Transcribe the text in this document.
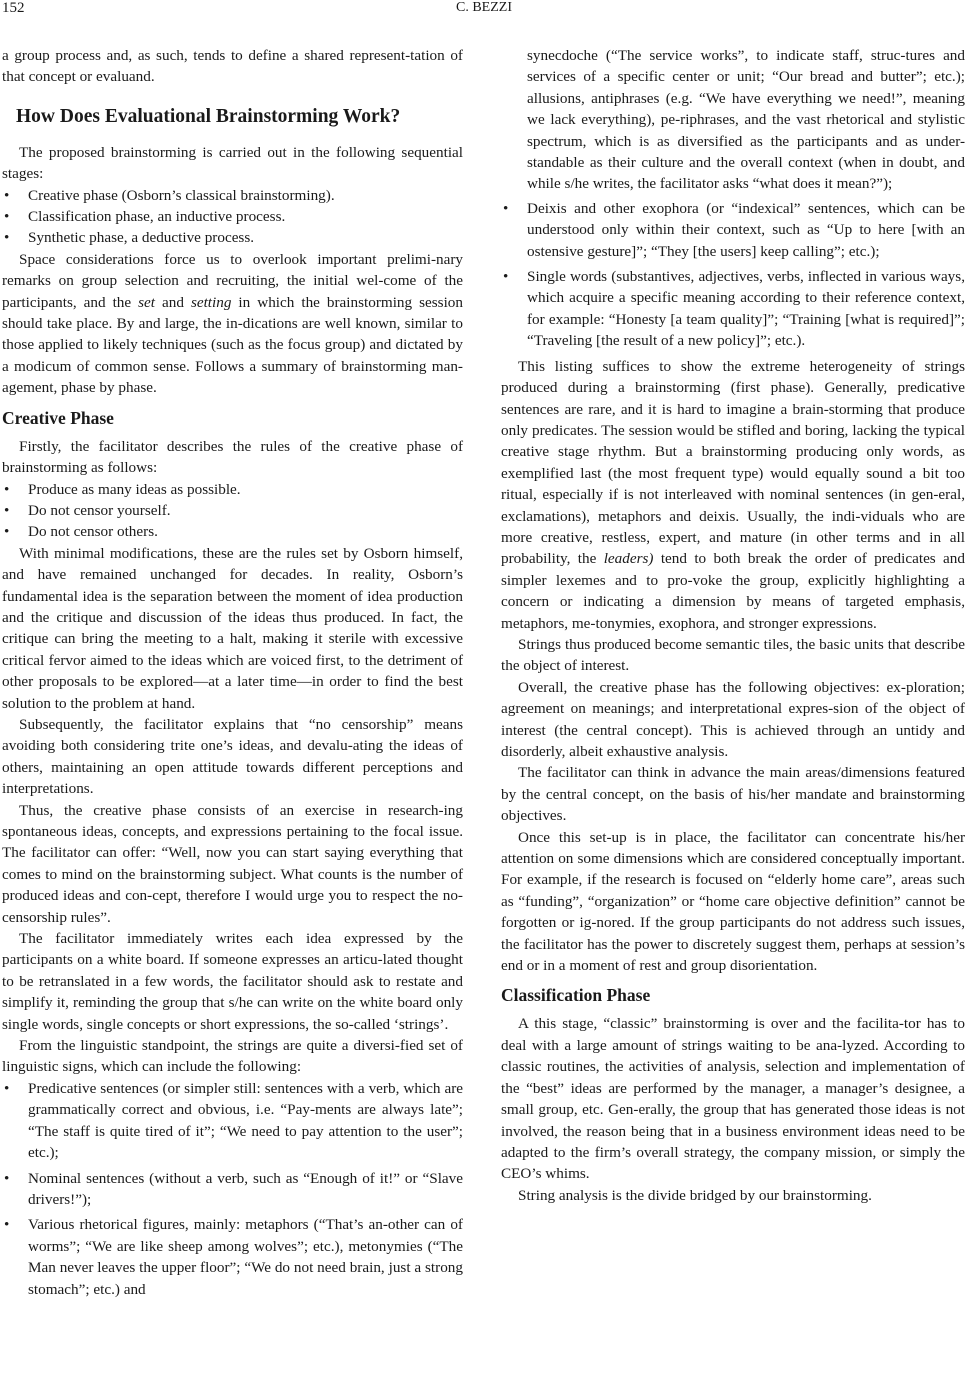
152	C. BEZZI

a group process and, as such, tends to define a shared represent-tation of that concept or evaluand.

How Does Evaluational Brainstorming Work?

The proposed brainstorming is carried out in the following sequential stages:

• Creative phase (Osborn’s classical brainstorming).
• Classification phase, an inductive process.
• Synthetic phase, a deductive process.

Space considerations force us to overlook important prelimi-nary remarks on group selection and recruiting, the initial wel-come of the participants, and the set and setting in which the brainstorming session should take place. By and large, the in-dications are well known, similar to those applied to likely techniques (such as the focus group) and dictated by a modicum of common sense. Follows a summary of brainstorming man-agement, phase by phase.

Creative Phase

Firstly, the facilitator describes the rules of the creative phase of brainstorming as follows:

• Produce as many ideas as possible.
• Do not censor yourself.
• Do not censor others.

With minimal modifications, these are the rules set by Osborn himself, and have remained unchanged for decades. In reality, Osborn’s fundamental idea is the separation between the moment of idea production and the critique and discussion of the ideas thus produced. In fact, the critique can bring the meeting to a halt, making it sterile with excessive critical fervor aimed to the ideas which are voiced first, to the detriment of other proposals to be explored—at a later time—in order to find the best solution to the problem at hand.

Subsequently, the facilitator explains that “no censorship” means avoiding both considering trite one’s ideas, and devalu-ating the ideas of others, maintaining an open attitude towards different perceptions and interpretations.

Thus, the creative phase consists of an exercise in research-ing spontaneous ideas, concepts, and expressions pertaining to the focal issue. The facilitator can offer: “Well, now you can start saying everything that comes to mind on the brainstorming subject. What counts is the number of produced ideas and con-cept, therefore I would urge you to respect the no-censorship rules”.

The facilitator immediately writes each idea expressed by the participants on a white board. If someone expresses an articu-lated thought to be retranslated in a few words, the facilitator should ask to restate and simplify it, reminding the group that s/he can write on the white board only single words, single concepts or short expressions, the so-called ‘strings’.

From the linguistic standpoint, the strings are quite a diversi-fied set of linguistic signs, which can include the following:

• Predicative sentences (or simpler still: sentences with a verb, which are grammatically correct and obvious, i.e. “Pay-ments are always late”; “The staff is quite tired of it”; “We need to pay attention to the user”; etc.);
• Nominal sentences (without a verb, such as “Enough of it!” or “Slave drivers!”);
• Various rhetorical figures, mainly: metaphors (“That’s an-other can of worms”; “We are like sheep among wolves”; etc.), metonymies (“The Man never leaves the upper floor”; “We do not need brain, just a strong stomach”; etc.) and

synecdoche (“The service works”, to indicate staff, struc-tures and services of a specific center or unit; “Our bread and butter”; etc.); allusions, antiphrases (e.g. “We have everything we need!”, meaning we lack everything), pe-riphrases, and the vast rhetorical and stylistic spectrum, which is as diversified as the participants and as under-standable as their culture and the overall context (when in doubt, and while s/he writes, the facilitator asks “what does it mean?”);

• Deixis and other exophora (or “indexical” sentences, which can be understood only within their context, such as “Up to here [with an ostensive gesture]”; “They [the users] keep calling”; etc.);
• Single words (substantives, adjectives, verbs, inflected in various ways, which acquire a specific meaning according to their reference context, for example: “Honesty [a team quality]”; “Training [what is required]”; “Traveling [the result of a new policy]”; etc.).

This listing suffices to show the extreme heterogeneity of strings produced during a brainstorming (first phase). Generally, predicative sentences are rare, and it is hard to imagine a brain-storming that produce only predicates. The session would be stifled and boring, lacking the typical creative stage rhythm. But a brainstorming producing only words, as exemplified last (the most frequent type) would equally sound a bit too ritual, especially if is not interleaved with nominal sentences (in gen-eral, exclamations), metaphors and deixis. Usually, the indi-viduals who are more creative, restless, expert, and mature (in other terms and in all probability, the leaders) tend to both break the order of predicates and simpler lexemes and to pro-voke the group, explicitly highlighting a concern or indicating a dimension by means of targeted emphasis, metaphors, me-tonymies, exophora, and stronger expressions.

Strings thus produced become semantic tiles, the basic units that describe the object of interest.

Overall, the creative phase has the following objectives: ex-ploration; agreement on meanings; and interpretational expres-sion of the object of interest (the central concept). This is achieved through an untidy and disorderly, albeit exhaustive analysis.

The facilitator can think in advance the main areas/dimensions featured by the central concept, on the basis of his/her mandate and brainstorming objectives.

Once this set-up is in place, the facilitator can concentrate his/her attention on some dimensions which are considered conceptually important. For example, if the research is focused on “elderly home care”, areas such as “funding”, “organization” or “home care objective definition” cannot be forgotten or ig-nored. If the group participants do not address such issues, the facilitator has the power to discretely suggest them, perhaps at session’s end or in a moment of rest and group disorientation.

Classification Phase

A this stage, “classic” brainstorming is over and the facilita-tor has to deal with a large amount of strings waiting to be ana-lyzed. According to classic routines, the activities of analysis, selection and implementation of the “best” ideas are performed by the manager, a manager’s designee, a small group, etc. Gen-erally, the group that has generated those ideas is not involved, the reason being that in a business environment ideas need to be adapted to the firm’s overall strategy, the company mission, or simply the CEO’s whims.

String analysis is the divide bridged by our brainstorming.
